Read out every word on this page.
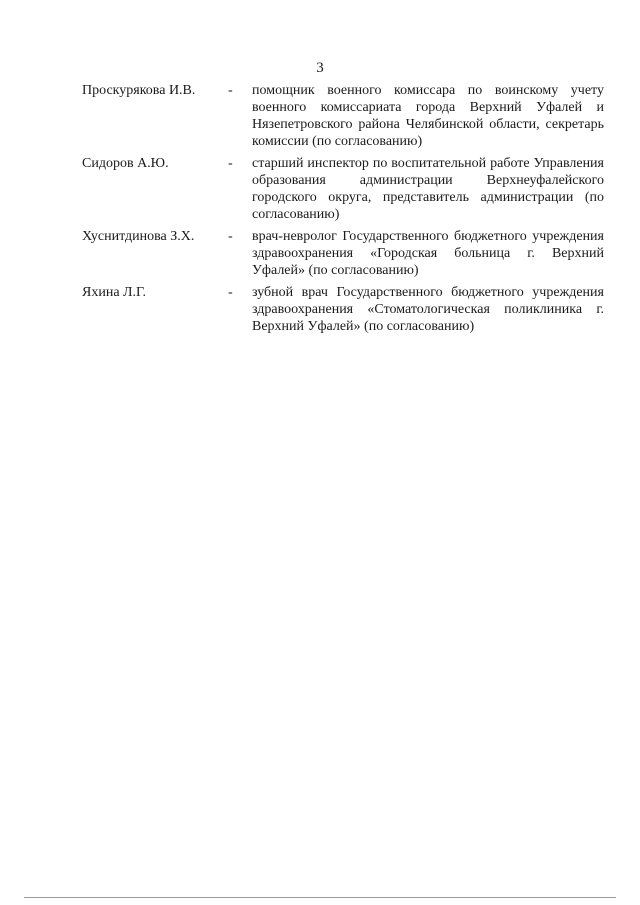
3
Проскурякова И.В.	-	помощник военного комиссара по воинскому учету военного комиссариата города Верхний Уфалей и Нязепетровского района Челябинской области, секретарь комиссии (по согласованию)
Сидоров А.Ю.	-	старший инспектор по воспитательной работе Управления образования администрации Верхнеуфалейского городского округа, представитель администрации (по согласованию)
Хуснитдинова З.Х.	-	врач-невролог Государственного бюджетного учреждения здравоохранения «Городская больница г. Верхний Уфалей» (по согласованию)
Яхина Л.Г.	-	зубной врач Государственного бюджетного учреждения здравоохранения «Стоматологическая поликлиника г. Верхний Уфалей» (по согласованию)
